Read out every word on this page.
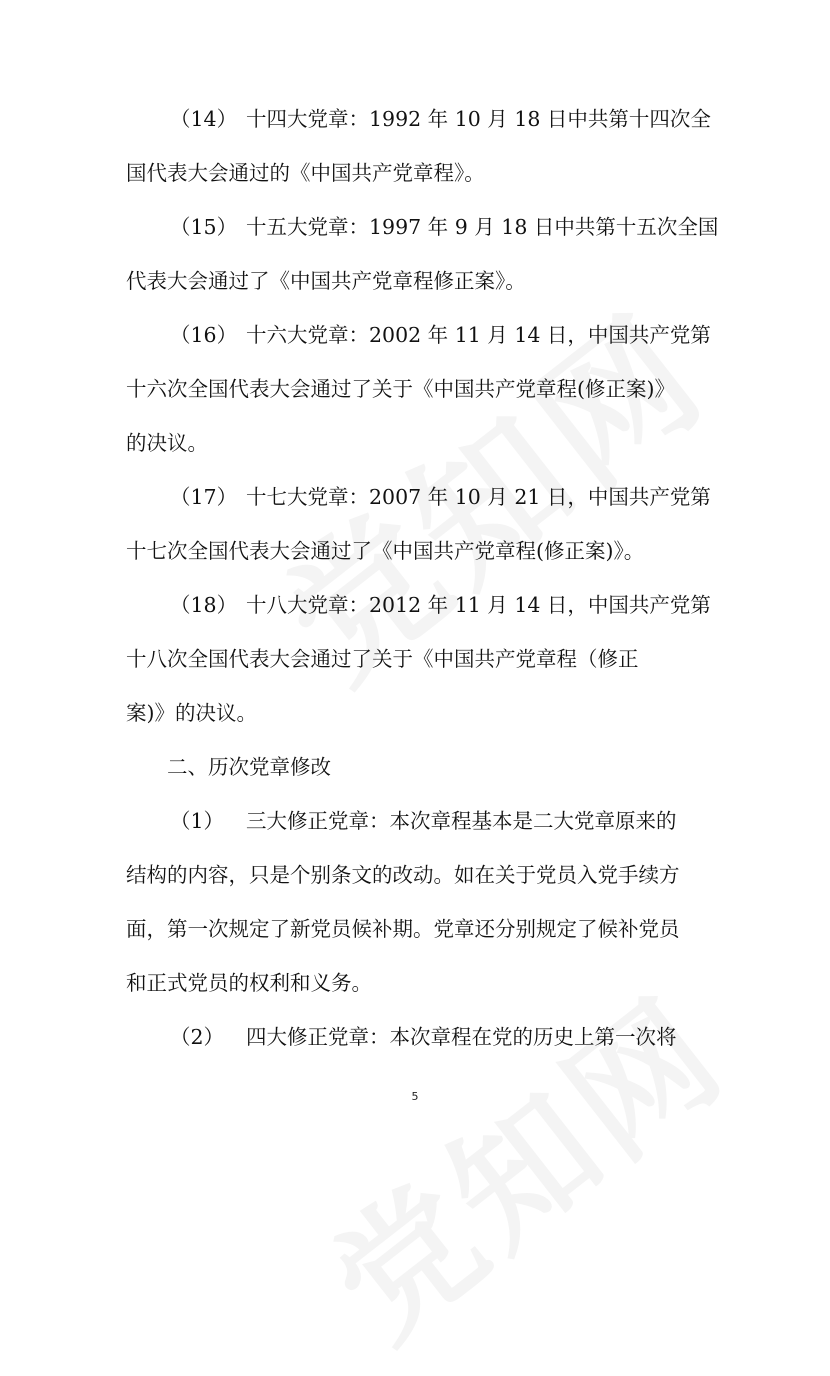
（14） 十四大党章：1992 年 10 月 18 日中共第十四次全
国代表大会通过的《中国共产党章程》。
（15） 十五大党章：1997 年 9 月 18 日中共第十五次全国
代表大会通过了《中国共产党章程修正案》。
（16） 十六大党章：2002 年 11 月 14 日，中国共产党第
十六次全国代表大会通过了关于《中国共产党章程(修正案)》
的决议。
（17） 十七大党章：2007 年 10 月 21 日，中国共产党第
十七次全国代表大会通过了《中国共产党章程(修正案)》。
（18） 十八大党章：2012 年 11 月 14 日，中国共产党第
十八次全国代表大会通过了关于《中国共产党章程（修正
案)》的决议。
二、历次党章修改
（1） 三大修正党章：本次章程基本是二大党章原来的
结构的内容，只是个别条文的改动。如在关于党员入党手续方
面，第一次规定了新党员候补期。党章还分别规定了候补党员
和正式党员的权利和义务。
（2） 四大修正党章：本次章程在党的历史上第一次将
5
